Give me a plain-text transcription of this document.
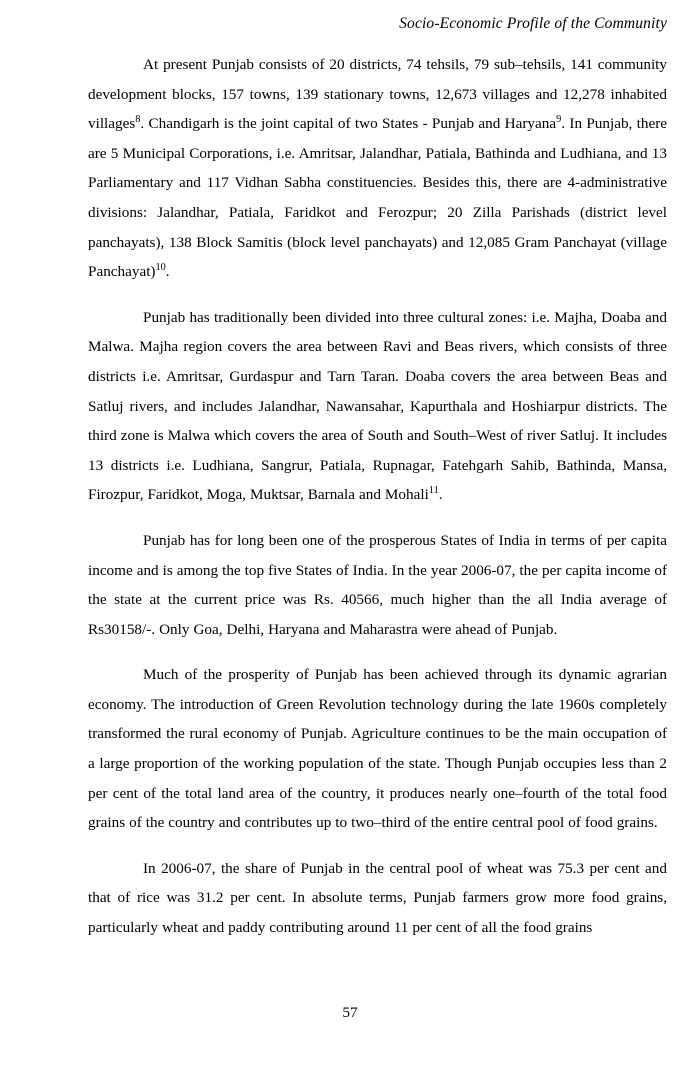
Socio-Economic Profile of the Community

At present Punjab consists of 20 districts, 74 tehsils, 79 sub–tehsils, 141 community development blocks, 157 towns, 139 stationary towns, 12,673 villages and 12,278 inhabited villages$^8$. Chandigarh is the joint capital of two States - Punjab and Haryana$^9$. In Punjab, there are 5 Municipal Corporations, i.e. Amritsar, Jalandhar, Patiala, Bathinda and Ludhiana, and 13 Parliamentary and 117 Vidhan Sabha constituencies. Besides this, there are 4-administrative divisions: Jalandhar, Patiala, Faridkot and Ferozpur; 20 Zilla Parishads (district level panchayats), 138 Block Samitis (block level panchayats) and 12,085 Gram Panchayat (village Panchayat)$^{10}$.

Punjab has traditionally been divided into three cultural zones: i.e. Majha, Doaba and Malwa. Majha region covers the area between Ravi and Beas rivers, which consists of three districts i.e. Amritsar, Gurdaspur and Tarn Taran. Doaba covers the area between Beas and Satluj rivers, and includes Jalandhar, Nawansahar, Kapurthala and Hoshiarpur districts. The third zone is Malwa which covers the area of South and South–West of river Satluj. It includes 13 districts i.e. Ludhiana, Sangrur, Patiala, Rupnagar, Fatehgarh Sahib, Bathinda, Mansa, Firozpur, Faridkot, Moga, Muktsar, Barnala and Mohali$^{11}$.

Punjab has for long been one of the prosperous States of India in terms of per capita income and is among the top five States of India. In the year 2006-07, the per capita income of the state at the current price was Rs. 40566, much higher than the all India average of Rs30158/-. Only Goa, Delhi, Haryana and Maharastra were ahead of Punjab.

Much of the prosperity of Punjab has been achieved through its dynamic agrarian economy. The introduction of Green Revolution technology during the late 1960s completely transformed the rural economy of Punjab. Agriculture continues to be the main occupation of a large proportion of the working population of the state. Though Punjab occupies less than 2 per cent of the total land area of the country, it produces nearly one–fourth of the total food grains of the country and contributes up to two–third of the entire central pool of food grains.

In 2006-07, the share of Punjab in the central pool of wheat was 75.3 per cent and that of rice was 31.2 per cent. In absolute terms, Punjab farmers grow more food grains, particularly wheat and paddy contributing around 11 per cent of all the food grains

57
